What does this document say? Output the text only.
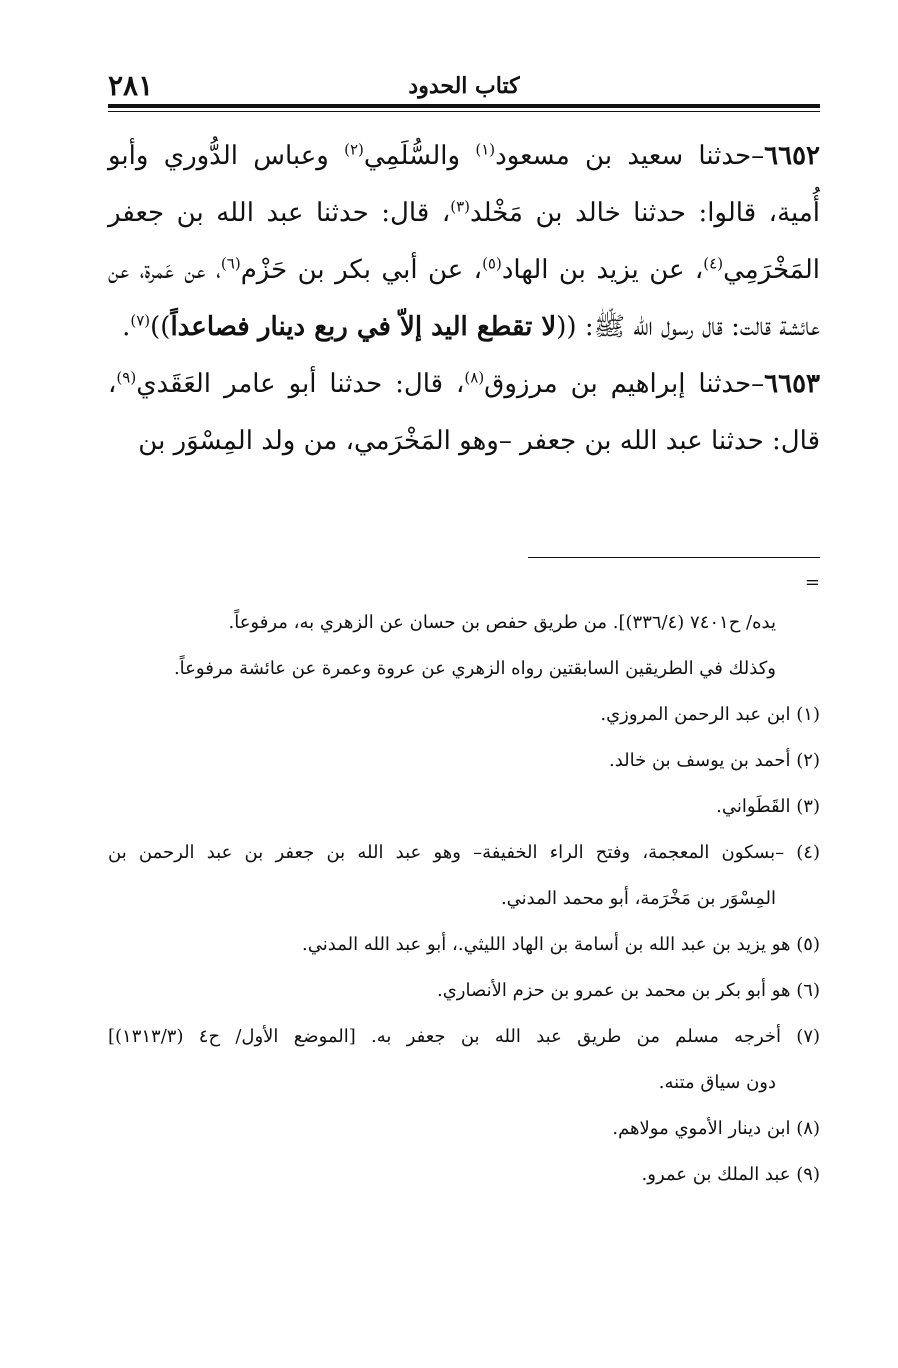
٢٨١	كتاب الحدود

٦٦٥٢–حدثنا سعيد بن مسعود$^{(١)}$ والسُّلَمِي$^{(٢)}$ وعباس الدُّوري وأبو أُمية، قالوا: حدثنا خالد بن مَخْلد$^{(٣)}$، قال: حدثنا عبد الله بن جعفر المَخْرَمِي$^{(٤)}$، عن يزيد بن الهاد$^{(٥)}$، عن أبي بكر بن حَزْم$^{(٦)}$، عن عَمرة، عن عائشة قالت: قال رسول الله ﷺ: ((لا تقطع اليد إلاّ في ربع دينار فصاعداً))$^{(٧)}$.

٦٦٥٣–حدثنا إبراهيم بن مرزوق$^{(٨)}$، قال: حدثنا أبو عامر العَقَدي$^{(٩)}$، قال: حدثنا عبد الله بن جعفر –وهو المَخْرَمي، من ولد المِسْوَر بن

=

يده/ ح٧٤٠١ (٣٣٦/٤)]. من طريق حفص بن حسان عن الزهري به، مرفوعاً.

وكذلك في الطريقين السابقتين رواه الزهري عن عروة وعمرة عن عائشة مرفوعاً.

(١) ابن عبد الرحمن المروزي.

(٢) أحمد بن يوسف بن خالد.

(٣) القَطَواني.

(٤) –بسكون المعجمة، وفتح الراء الخفيفة– وهو عبد الله بن جعفر بن عبد الرحمن بن

المِسْوَر بن مَخْرَمة، أبو محمد المدني.

(٥) هو يزيد بن عبد الله بن أسامة بن الهاد الليثي.، أبو عبد الله المدني.

(٦) هو أبو بكر بن محمد بن عمرو بن حزم الأنصاري.

(٧) أخرجه مسلم من طريق عبد الله بن جعفر به. [الموضع الأول/ ح٤ (١٣١٣/٣)]

دون سياق متنه.

(٨) ابن دينار الأموي مولاهم.

(٩) عبد الملك بن عمرو.
